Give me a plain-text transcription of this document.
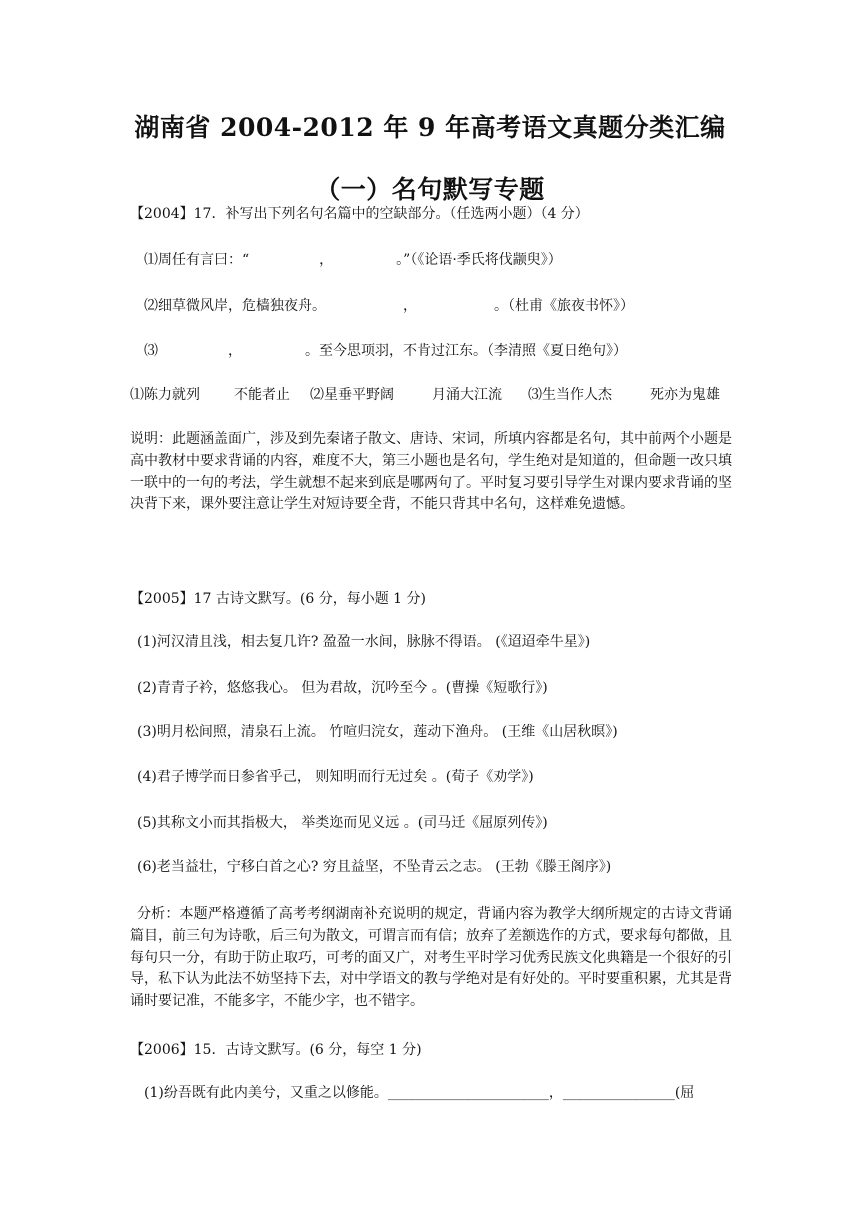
湖南省 2004-2012 年 9 年高考语文真题分类汇编
（一）名句默写专题
【2004】17．补写出下列名句名篇中的空缺部分。（任选两小题）（4 分）
⑴周任有言曰：“　　　　　，　　　　　。”（《论语·季氏将伐颛臾》）
⑵细草微风岸，危樯独夜舟。　　　　　　，　　　　　　。（杜甫《旅夜书怀》）
⑶　　　　　，　　　　　。至今思项羽，不肯过江东。（李清照《夏日绝句》）
⑴陈力就列 不能者止 ⑵星垂平野阔	月涌大江流 ⑶生当作人杰	死亦为鬼雄
说明：此题涵盖面广，涉及到先秦诸子散文、唐诗、宋词，所填内容都是名句，其中前两个小题是高中教材中要求背诵的内容，难度不大，第三小题也是名句，学生绝对是知道的，但命题一改只填一联中的一句的考法，学生就想不起来到底是哪两句了。平时复习要引导学生对课内要求背诵的坚决背下来，课外要注意让学生对短诗要全背，不能只背其中名句，这样难免遗憾。
【2005】17 古诗文默写。(6 分，每小题 1 分)
(1)河汉清且浅，相去复几许? 盈盈一水间，脉脉不得语。 (《迢迢牵牛星》)
(2)青青子衿，悠悠我心。 但为君故，沉吟至今 。(曹操《短歌行》)
(3)明月松间照，清泉石上流。 竹喧归浣女，莲动下渔舟。 (王维《山居秋暝》)
(4)君子博学而日参省乎己， 则知明而行无过矣 。(荀子《劝学》)
(5)其称文小而其指极大， 举类迩而见义远 。(司马迁《屈原列传》)
(6)老当益壮，宁移白首之心? 穷且益坚，不坠青云之志。 (王勃《滕王阁序》)
分析：本题严格遵循了高考考纲湖南补充说明的规定，背诵内容为教学大纲所规定的古诗文背诵篇目，前三句为诗歌，后三句为散文，可谓言而有信；放弃了差额选作的方式，要求每句都做，且每句只一分，有助于防止取巧，可考的面又广，对考生平时学习优秀民族文化典籍是一个很好的引导，私下认为此法不妨坚持下去，对中学语文的教与学绝对是有好处的。平时要重积累，尤其是背诵时要记准，不能多字，不能少字，也不错字。
【2006】15．古诗文默写。(6 分，每空 1 分)
(1)纷吾既有此内美兮，又重之以修能。_______________________，________________(屈
